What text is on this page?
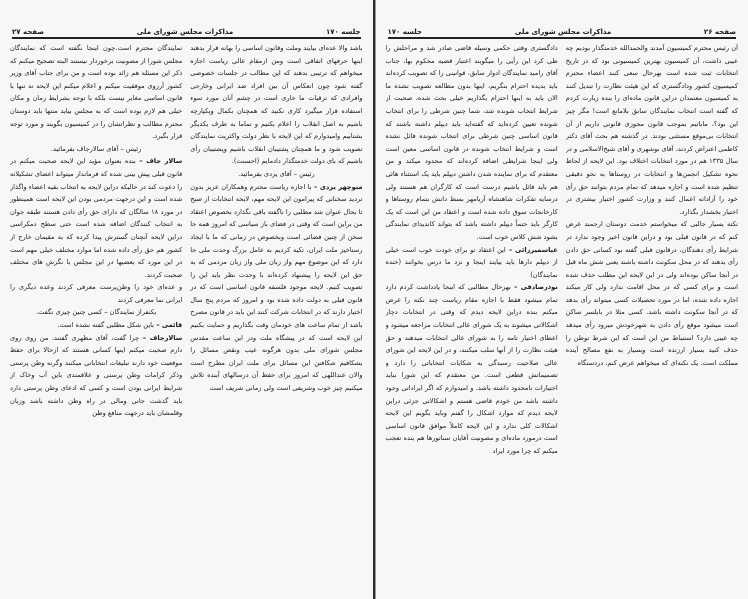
جلسه ۱۷۰
مذاکرات مجلس شورای ملی
صفحه ۲۷

باشد والا عده‌ای بیایند وملت وقانون اساسی را بهانه قرار بدهند اینها حرفهای اتفاقی است ومن ازمقام عالی ریاست اجازه میخواهم که ترتیبی بدهند که این مطالب در جلسات خصوصی گفته شود چون انعکاس آن بین افراد ضد ایرانی وخارجی وافرادی که ترقیات ما خاری است در چشم آنان مورد سوء استفاده قرار میگیرد کاری نکنید که همچنان بکمال ویکپارچه باشیم به اصل انقلاب را اعلام بکنیم و تماما به طرف یکدیگر بشتابیم وامیدوارم که این لایحه با نظر دولت واکثریت نمایندگان تصویب شود و ما همچنان پشتیبان انقلاب باشیم وپشتیبان رأی باشیم که بای دولت خدمتگذار دادمایم (احسنت).

رئیس – آقای یزدی بفرمائید.

منوچهر یزدی – با اجازه ریاست محترم وهمکاران عزیز بدون تردید سخنانی که پیرامون این لایحه مهم، لایحه انتخابات از صبح تا بحال عنوان شد مطلبی را ناگفته باقی نگذارد بخصوص اعتقاد من براین است که وقتی در فضای باز سیاسی که امروز همه جا سخن از چنین فضائی است وبخصوص در زمانی که ما با ایجاد رستاخیز ملت ایران، تکیه کردیم به عامل بزرگ وحدت ملی جا دارد که این موضوع مهم واز زبان ملی واز زبان مردمی که به حق این لایحه را پیشنهاد کرده‌اند با وحدت نظر باید این را تصویب کنیم. لایحه موجود فلسفه قانون اساسی است که در قانون قبلی به دولت داده شده بود و امروز که مردم پنج سال اختیار دارند که در انتخابات شرکت کنند این باید در قانون مصرح باشد از تمام ساعت های خودمان وقت بگذاریم و حمایت بکنیم این لایحه است که در پیشگاه ملت ودر این ساعت مقدس مجلس شورای ملی بدون هرگونه عیب ونقص مسائل را بشکافیم شکافتن این مسائل برای ملت ایران مطرح است والان عنداللهی که امروز برای حفظ آن درسالهای آینده تلاش میکنیم چیز خوب وشریفی است ولی زمانی شریف است

نمایندگان محترم است.چون اینجا نگفته است که نمایندگان مجلس شورا از مصونیت برخوردار نیستند البته تصحیح میکنم که ذکر این مسئله هم زائد بوده است و من برای جناب آقای وزیر کشور آرزوی موفقیت میکنم و اعلام میکنم این لایحه نه تنها با قانون اساسی مغایر نیست بلکه با توجه بشرایط زمان و مکان خیلی هم لازم بوده است که به مجلس بیاید منتها باید دوستان محترم مطالب و نظراتشان را در کمیسیون بگویند و مورد توجه قرار بگیرد.

رئیس – آقای سالارجاف بفرمائید.

سالار جاف – بنده بعنوان مؤید این لایحه صحبت میکنم در قانون قبلی پیش بینی شده که فرماندار میتواند اعضای تشکیلاته را دعوت کند در حالیکه دراین لایحه به انتخاب بقیه اعضاء واگذار شده است و این درجهت مردمی بودن این لایحه است همینطور در مورد ۱۸ سالگان که دارای حق رأی دادن هستند طبقه جوان به انتخاب کنندگان اضافه شده است حتی سطح دمکراسی دراین لایحه آنچنان گسترش پیدا کرده که به مقیمان خارج از کشور هم حق رأی داده شده اما موارد مختلف خیلی مهم است در این مورد که بعضیها در این مجلس با نگرش های مختلف صحبت کردند.

و عده‌ای خود را وطن‌پرست معرفی کردند وعده دیگری را ایرانی نما معرفی کردند

یکنفراز نمایندگان – کسی چنین چیزی نگفت.

قائمی – باین شکل مطلبی گفته نشده است.

سالارجاف – چرا گفت، آقای مظهری گفتند، من روی روی دارم صحبت میکنم اینها کسانی هستند که ازحالا برای حفظ موقعیت خود دارند تبلیغات انتخاباتی میکنند وگرنه وطن پرستی وذکر کرامات وطن پرستی و علاقمندی باین آب وخاک از شرایط ایرانی بودن است و کسی که ادعای وطن پرستی دارد باید گذشت جانی ومالی در راه وطن داشته باشد وزبان وقلمشان باید درجهت منافع وطن

صفحه ۲۶
مذاکرات مجلس شورای ملی
جلسه ۱۷۰

آن رئیس محترم کمیسیون آمدند والحمدالله خدمتگذار بودیم چه عیبی داشت، آن کمیسیون بهترین کمیسیونی بود که در تاریخ انتخابات ثبت شده است بهرحال سعی کنند اعضاء محترم کمیسیون کشور ودادگستری که این هیئت نظارت را تبدیل کنند به کمیسیون معتمدان دراین قانون ماده‌ای را بنده زیارت کردم که گفته است انتخاب نمایندگان سابق بلامانع است! مگر چیز این بود؟، ماباتیم بموجب قانون مجوزی قانونی داریم از آن انتخابات بی‌موقع مستثنی بودند. در گذشته هم بحث آقای دکتر کاظمی اعتراض کردند، آقای بوشهری و آقای شیخ‌الاسلامی و در سال ۱۳۳۵ هم در مورد انتخابات اختلاف بود. این لایحه از لحاظ نحوه تشکیل انجمن‌ها و انتخابات در روستاها به نحو دقیقی تنظیم شده است و اجازه میدهد که تمام مردم بتوانند حق رأی خود را آزادانه اعمال کنند و وزارت کشور اختیار بیشتری در اختیار بخشدار بگذارد.

نکته بسیار جالبی که میخواستم خدمت دوستان ارجمند عرض کنم که در قانون قبلی بود و دراین قانون اخیر وجود ندارد در شرایط رأی دهندگان، درقانون قبلی گفته بود کسانی حق دادن رأی بدهند که در محل سکونت داشته باشند یعنی شش ماه قبل در آنجا ساکن بوده‌اند ولی در این لایحه این مطلب حذف شده است و برای کسی که در محل اقامت ندارد ولی کار میکند اجازه داده شده، اما در مورد تحصیلات کسی میتواند رأی بدهد که در آنجا سکونت داشته باشد. کسی مثلا در بابلسر ساکن است میشود موقع رأی دادن به شهرخودش میرود رأی میدهد چه عیبی دارد؟ استنباط من این است که این شرط توطن را حذف کنید بسیار ارزنده است وبسیار به نفع مصالح آینده مملکت است. یک نکته‌ای که میخواهم عرض کنم، دردستگاه

دادگستری وقتی حکمی وسیله قاضی صادر شد و مراحلش را طی کرد این رأیی را میگویند اعتبار قضیه محکوم بها، جناب آقای رامبد نمایندگان ادوار سابق، قوانینی را که تصویب کرده‌اند باید بدیده احترام بنگریم، اینها بدون مطالعه تصویب نشده ما الان باید به اینها احترام بگذاریم خیلی بحث شده، صحبت از شرایط انتخاب شونده شد، شما چنین شرطی را برای انتخاب شونده تعیین کرده‌اید که گفته‌اید باید دیپلم داشته باشند که قانون اساسی چنین شرطی برای انتخاب شونده قائل نشده است و شرایط انتخاب شونده در قانون اساسی معین است ولی اینجا شرایطی اضافه کرده‌اند که محدود میکند و من معتقدم که برای نماینده شدن داشتن دیپلم باید یک استثناء هائی هم باید قائل باشیم درست است که کارگران هم هستند ولی درسایه تفکرات شاهنشاه آریامهر بسط دانش بتمام روستاها و کارخانجات سوق داده شده است و اعتقاد من این است که یک کارگر باید حتماً دیپلم داشته باشد که بتواند کاندیدای نمایندگی بشود شش کلاس خوب است.

عباسمیرزائی – این اعتقاد تو برای خودت خوب است خیلی از دیپلم دارها باید بیایند اینجا و نزد ما درس بخوانند (خنده نمایندگان)

نوذرصادقی – بهرحال مطالبی که اینجا یادداشت کردم دارد تمام میشود فقط با اجازه مقام ریاست چند نکته را عرض میکنم بنده دراین لایحه دیدم که وقتی در انتخابات دچار اشکالاتی میشوند به یک شورای عالی انتخابات مراجعه میشود و اعطای اختیار تامه را به شورای عالی انتخابات میدهند و حق هیئت نظارت را از آنها سلب میکنند، و در این لایحه این شورای عالی صلاحیت رسیدگی به شکایات انتخاباتی را دارد و تصمیماتش قطعی است. من معتقدم که این شورا نباید اختیارات نامحدود داشته باشد. و امیدوارم که اگر ایراداتی وجود داشته باشد من خودم قاضی هستم و اشکالاتی جزئی دراین لایحه دیدم که موارد اشکال را گفتم وباید بگویم این لایحه اشکالات کلی ندارد و این لایحه کاملاً موافق قانون اساسی است درمورد ماده‌ای و مصونیت آقایان سناتورها هم بنده تعجب میکنم که چرا مورد ایراد
